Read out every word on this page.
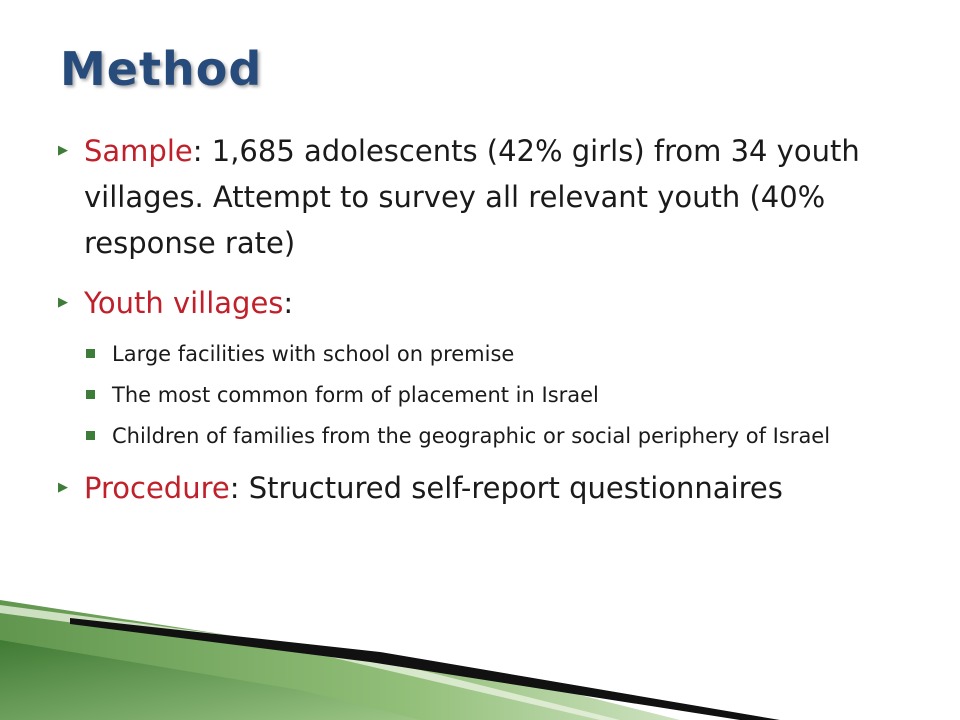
Method
▶ Sample: 1,685 adolescents (42% girls) from 34 youth villages. Attempt to survey all relevant youth (40% response rate)
▶ Youth villages:
Large facilities with school on premise
The most common form of placement in Israel
Children of families from the geographic or social periphery of Israel
▶ Procedure: Structured self-report questionnaires
